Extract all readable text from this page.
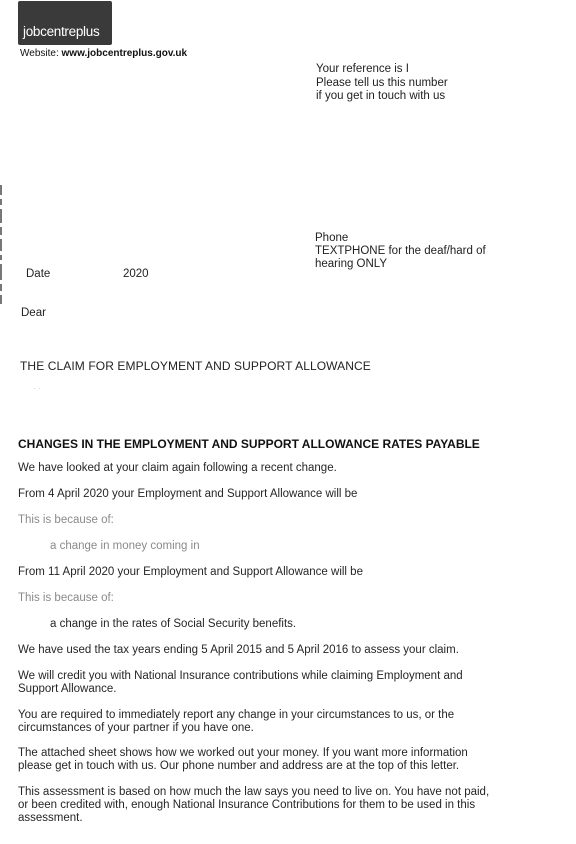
jobcentreplus
Website: www.jobcentreplus.gov.uk
Your reference is I
Please tell us this number
if you get in touch with us
Phone
TEXTPHONE for the deaf/hard of
hearing ONLY
Date	2020
Dear
THE CLAIM FOR EMPLOYMENT AND SUPPORT ALLOWANCE
· ·
CHANGES IN THE EMPLOYMENT AND SUPPORT ALLOWANCE RATES PAYABLE
We have looked at your claim again following a recent change.
From 4 April 2020 your Employment and Support Allowance will be
This is because of:
a change in money coming in
From 11 April 2020 your Employment and Support Allowance will be
This is because of:
a change in the rates of Social Security benefits.
We have used the tax years ending 5 April 2015 and 5 April 2016 to assess your claim.
We will credit you with National Insurance contributions while claiming Employment and
Support Allowance.
You are required to immediately report any change in your circumstances to us, or the
circumstances of your partner if you have one.
The attached sheet shows how we worked out your money. If you want more information
please get in touch with us. Our phone number and address are at the top of this letter.
This assessment is based on how much the law says you need to live on. You have not paid,
or been credited with, enough National Insurance Contributions for them to be used in this
assessment.
